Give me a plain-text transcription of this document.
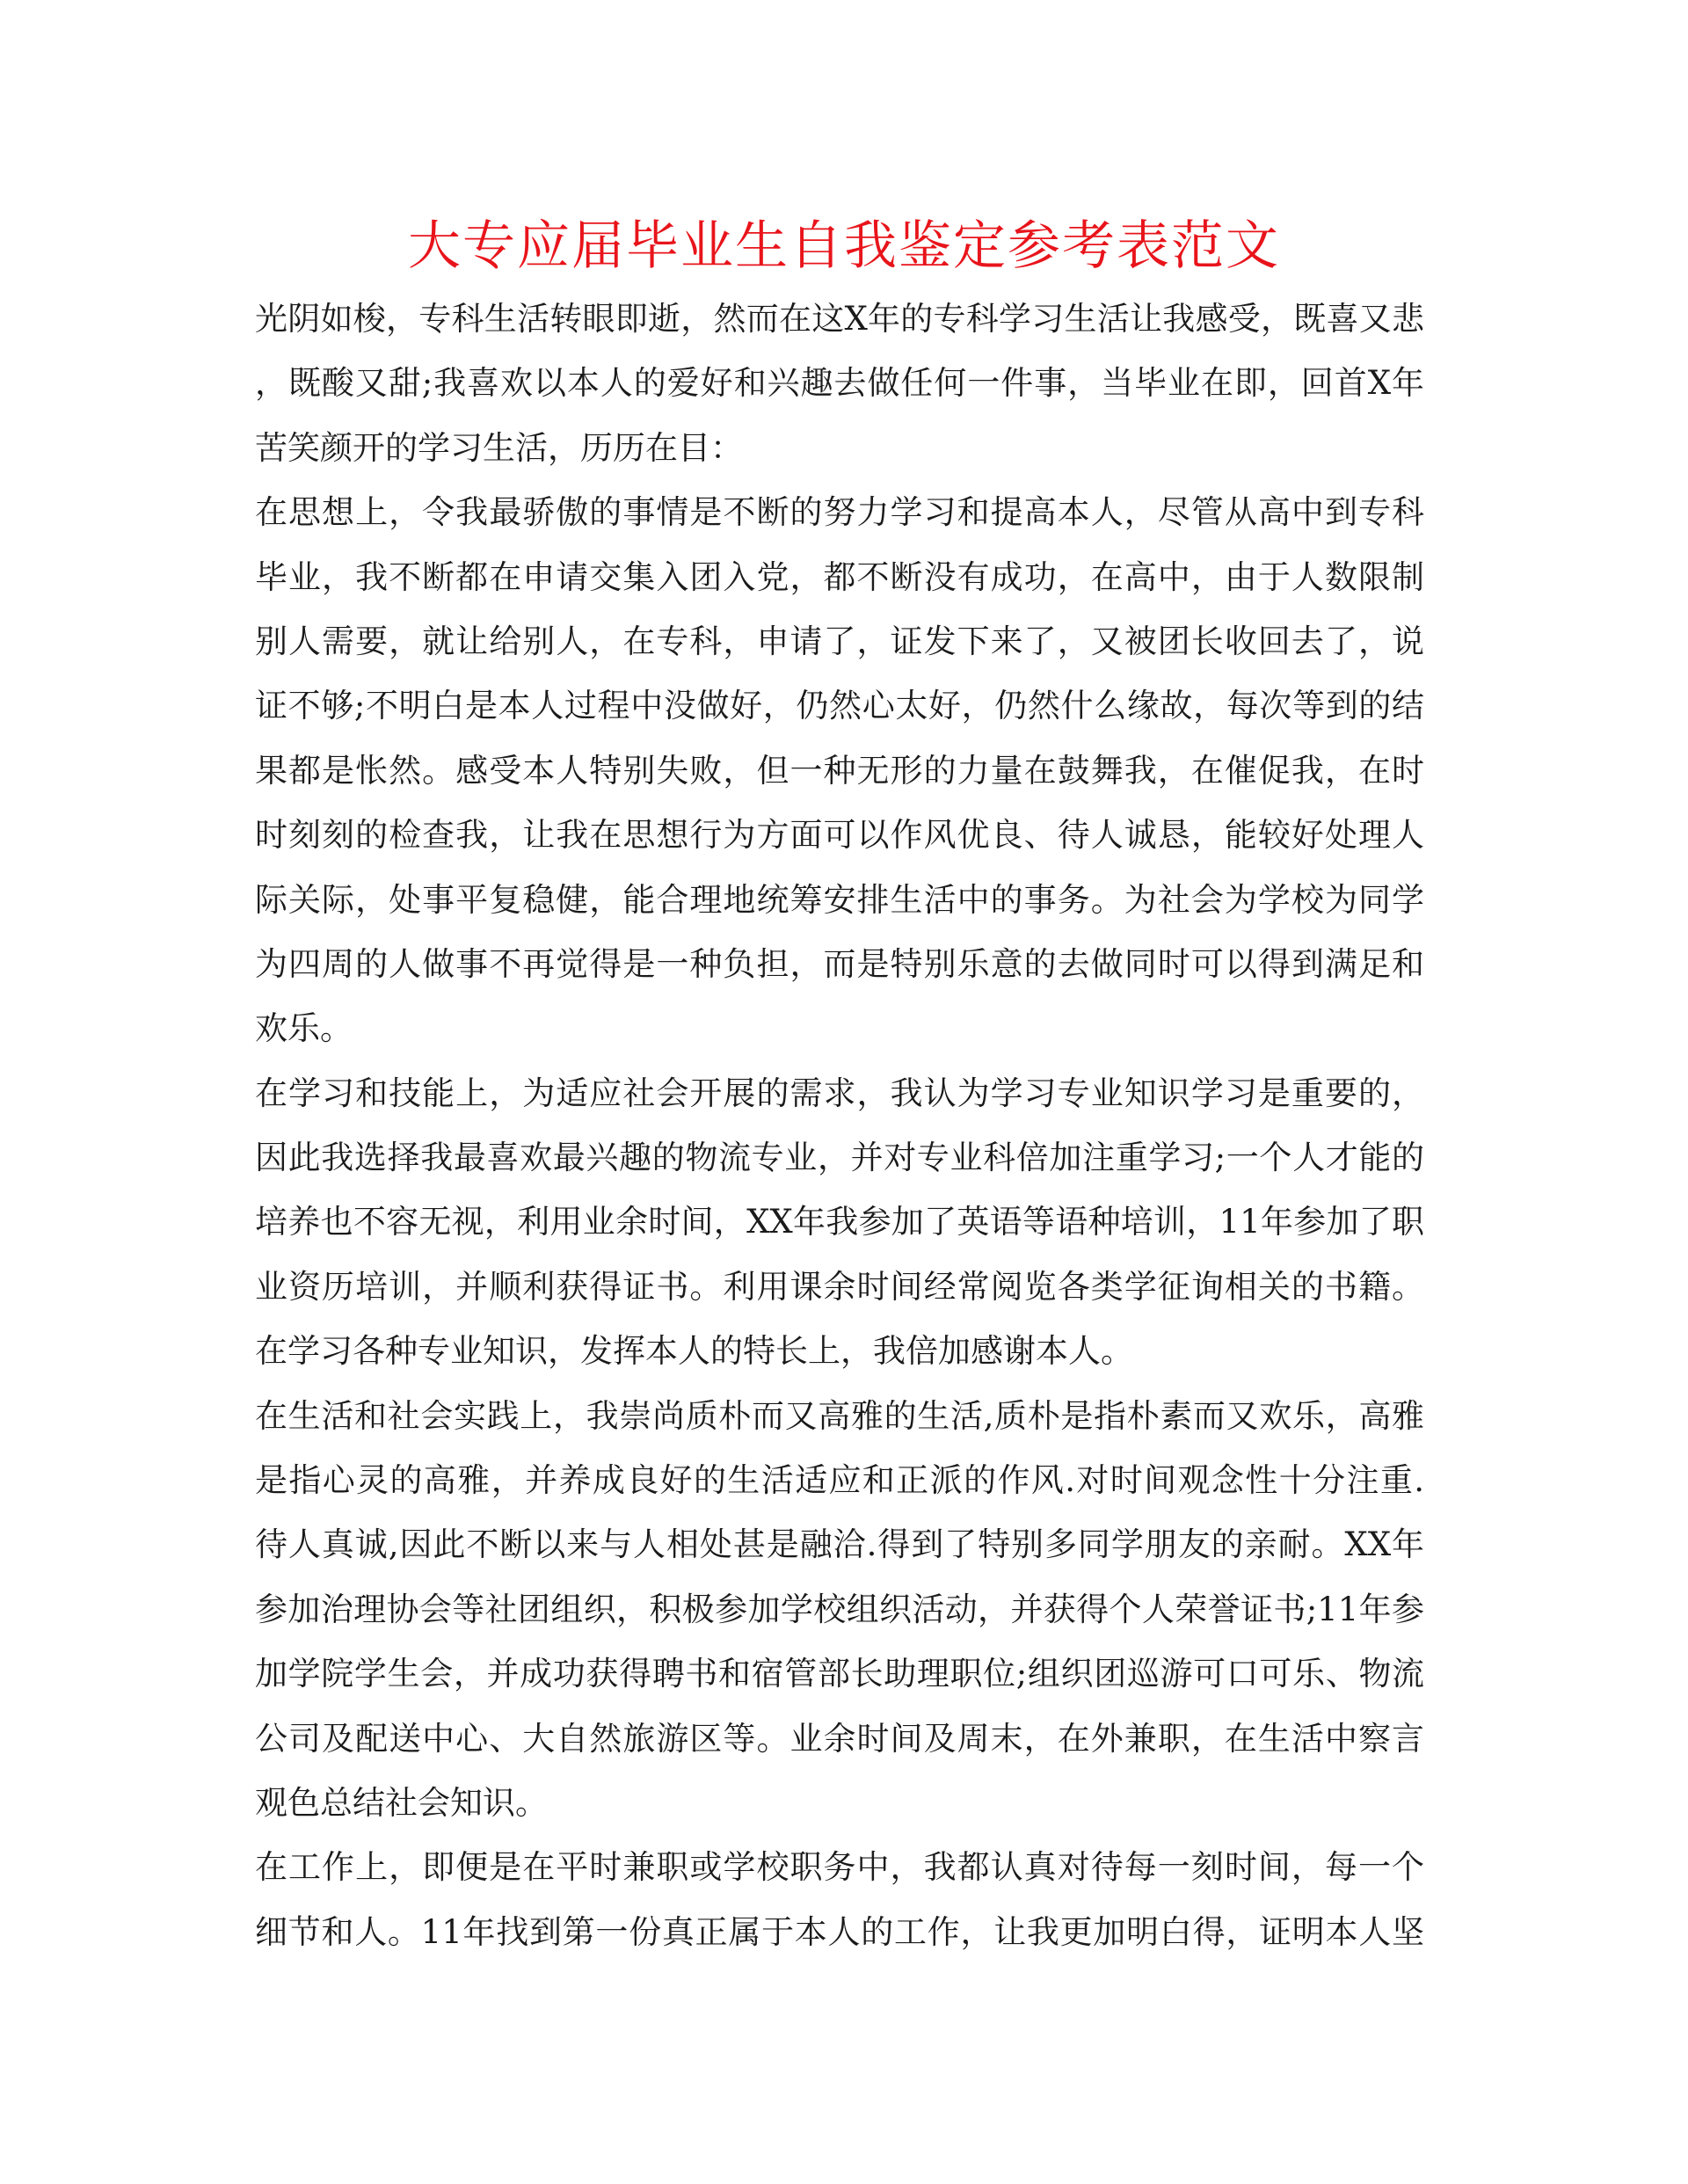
大专应届毕业生自我鉴定参考表范文
光阴如梭，专科生活转眼即逝，然而在这X年的专科学习生活让我感受，既喜又悲
，既酸又甜;我喜欢以本人的爱好和兴趣去做任何一件事，当毕业在即，回首X年
苦笑颜开的学习生活，历历在目：
在思想上，令我最骄傲的事情是不断的努力学习和提高本人，尽管从高中到专科
毕业，我不断都在申请交集入团入党，都不断没有成功，在高中，由于人数限制
别人需要，就让给别人，在专科，申请了，证发下来了，又被团长收回去了，说
证不够;不明白是本人过程中没做好，仍然心太好，仍然什么缘故，每次等到的结
果都是怅然。感受本人特别失败，但一种无形的力量在鼓舞我，在催促我，在时
时刻刻的检查我，让我在思想行为方面可以作风优良、待人诚恳，能较好处理人
际关际，处事平复稳健，能合理地统筹安排生活中的事务。为社会为学校为同学
为四周的人做事不再觉得是一种负担，而是特别乐意的去做同时可以得到满足和
欢乐。
在学习和技能上，为适应社会开展的需求，我认为学习专业知识学习是重要的，
因此我选择我最喜欢最兴趣的物流专业，并对专业科倍加注重学习;一个人才能的
培养也不容无视，利用业余时间，XX年我参加了英语等语种培训，11年参加了职
业资历培训，并顺利获得证书。利用课余时间经常阅览各类学征询相关的书籍。
在学习各种专业知识，发挥本人的特长上，我倍加感谢本人。
在生活和社会实践上，我崇尚质朴而又高雅的生活,质朴是指朴素而又欢乐，高雅
是指心灵的高雅，并养成良好的生活适应和正派的作风.对时间观念性十分注重.
待人真诚,因此不断以来与人相处甚是融洽.得到了特别多同学朋友的亲耐。XX年
参加治理协会等社团组织，积极参加学校组织活动，并获得个人荣誉证书;11年参
加学院学生会，并成功获得聘书和宿管部长助理职位;组织团巡游可口可乐、物流
公司及配送中心、大自然旅游区等。业余时间及周末，在外兼职，在生活中察言
观色总结社会知识。
在工作上，即便是在平时兼职或学校职务中，我都认真对待每一刻时间，每一个
细节和人。11年找到第一份真正属于本人的工作，让我更加明白得，证明本人坚
